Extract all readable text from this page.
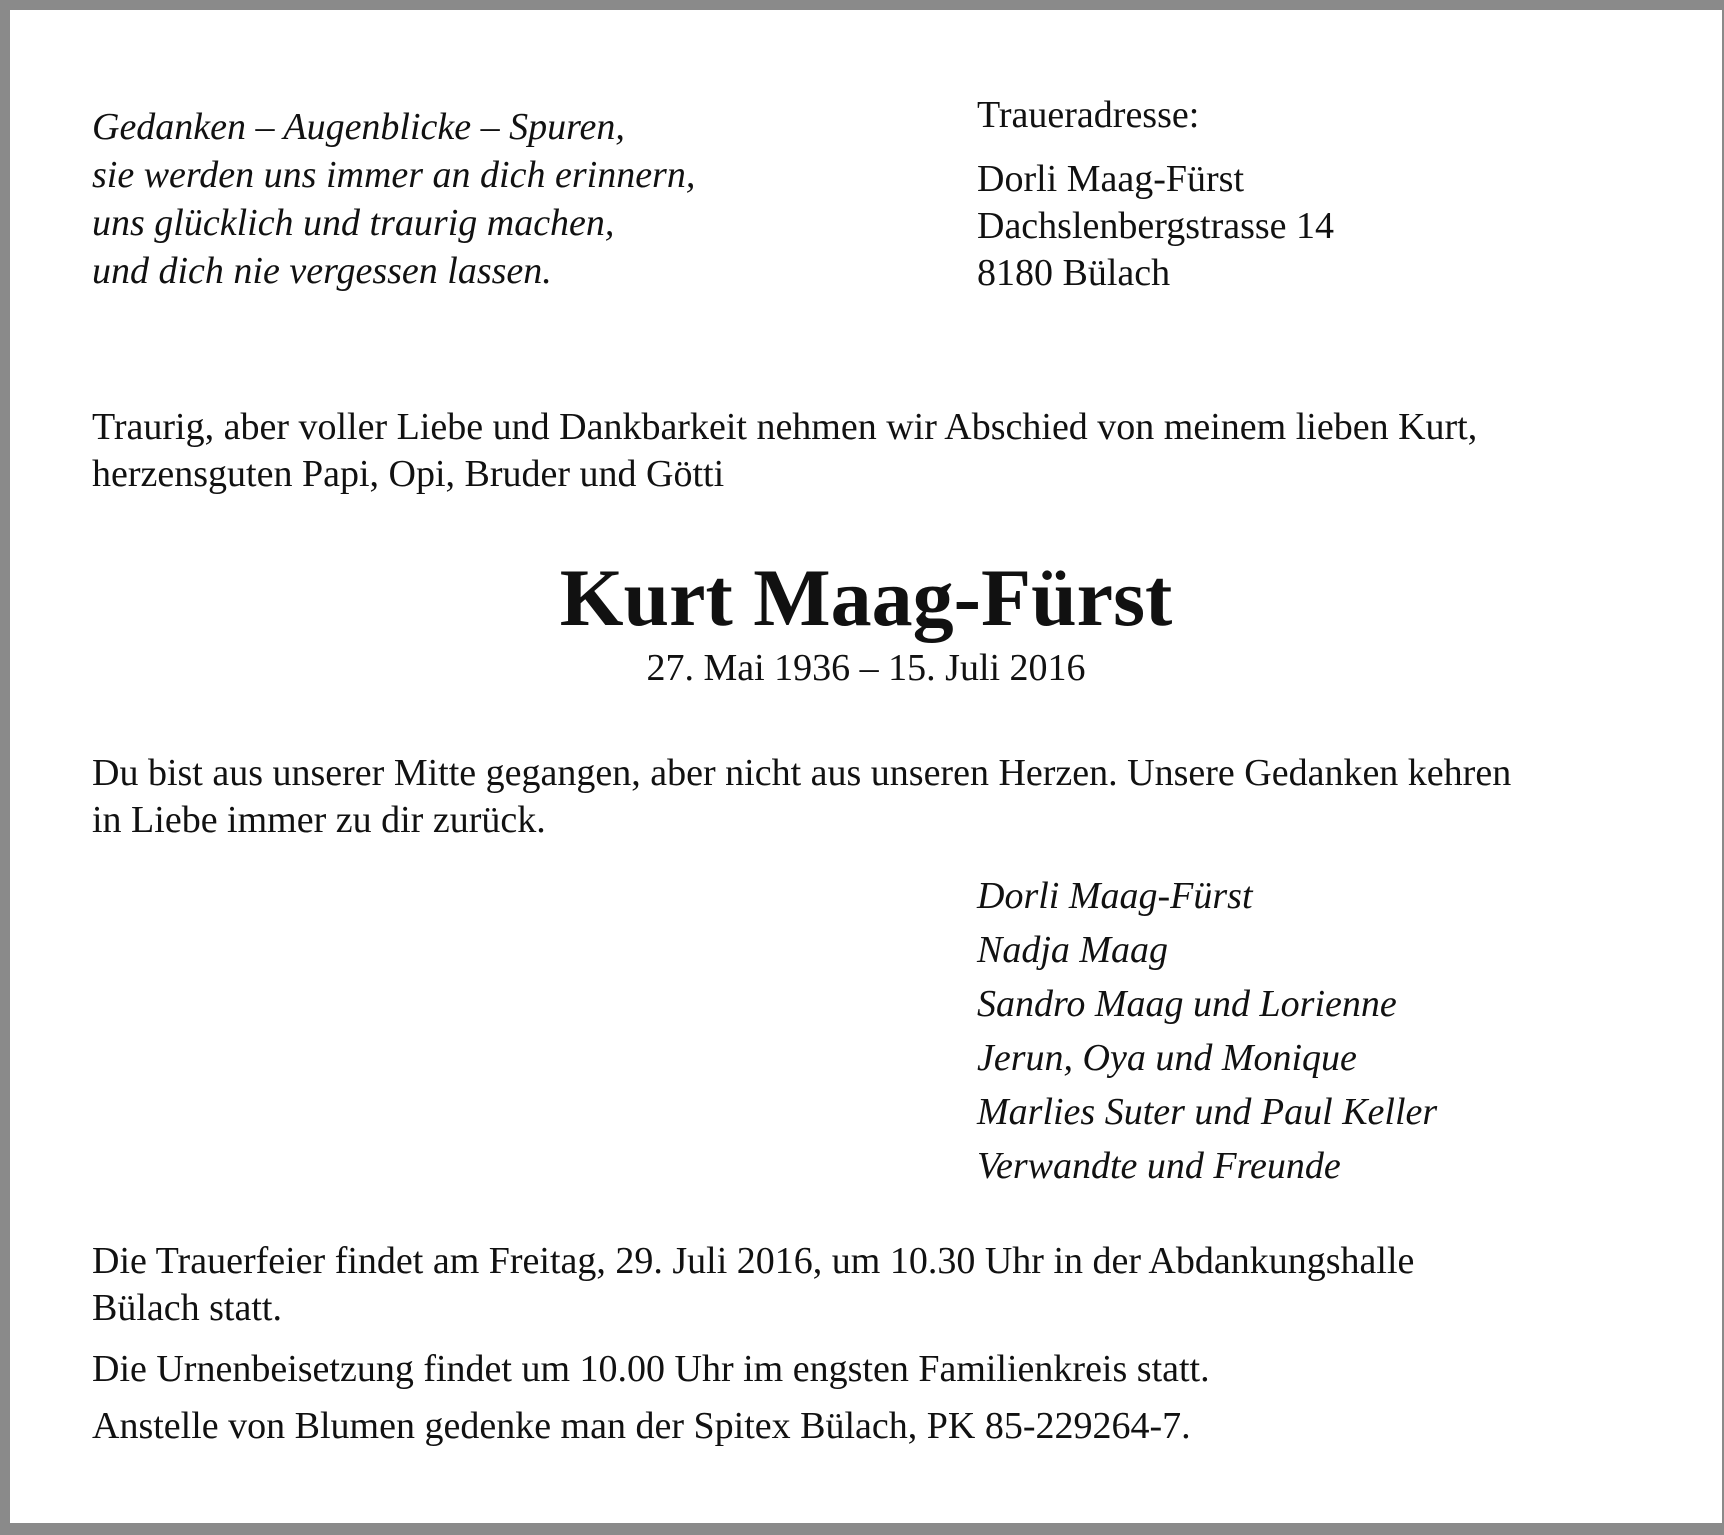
Gedanken – Augenblicke – Spuren,
sie werden uns immer an dich erinnern,
uns glücklich und traurig machen,
und dich nie vergessen lassen.
Traueradresse:
Dorli Maag-Fürst
Dachslenbergstrasse 14
8180 Bülach
Traurig, aber voller Liebe und Dankbarkeit nehmen wir Abschied von meinem lieben Kurt,
herzensguten Papi, Opi, Bruder und Götti
Kurt Maag-Fürst
27. Mai 1936 – 15. Juli 2016
Du bist aus unserer Mitte gegangen, aber nicht aus unseren Herzen. Unsere Gedanken kehren
in Liebe immer zu dir zurück.
Dorli Maag-Fürst
Nadja Maag
Sandro Maag und Lorienne
Jerun, Oya und Monique
Marlies Suter und Paul Keller
Verwandte und Freunde
Die Trauerfeier findet am Freitag, 29. Juli 2016, um 10.30 Uhr in der Abdankungshalle
Bülach statt.
Die Urnenbeisetzung findet um 10.00 Uhr im engsten Familienkreis statt.
Anstelle von Blumen gedenke man der Spitex Bülach, PK 85-229264-7.
